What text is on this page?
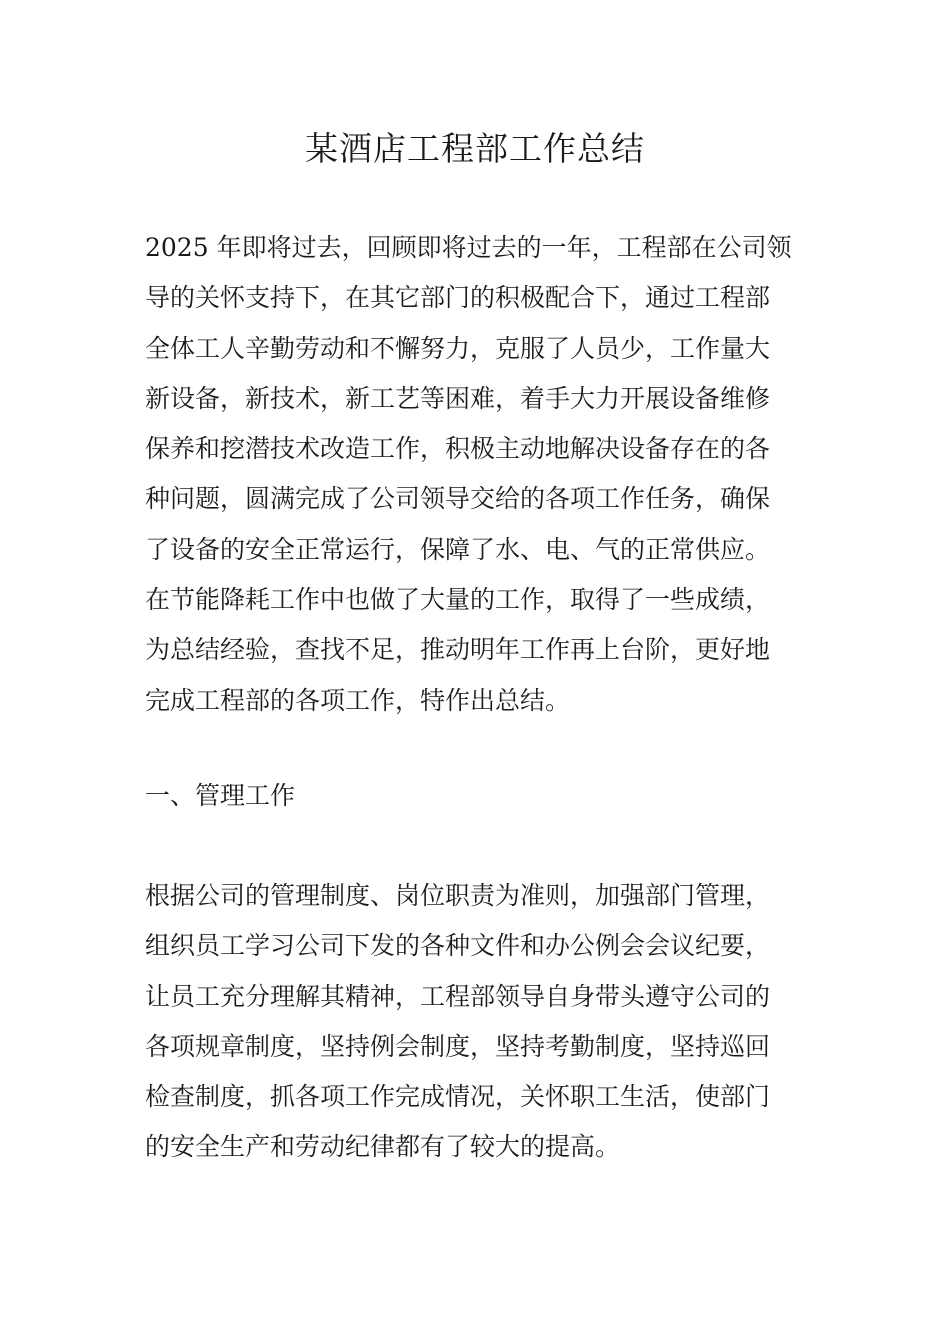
某酒店工程部工作总结
2025 年即将过去，回顾即将过去的一年，工程部在公司领
导的关怀支持下，在其它部门的积极配合下，通过工程部
全体工人辛勤劳动和不懈努力，克服了人员少，工作量大
新设备，新技术，新工艺等困难，着手大力开展设备维修
保养和挖潜技术改造工作，积极主动地解决设备存在的各
种问题，圆满完成了公司领导交给的各项工作任务，确保
了设备的安全正常运行，保障了水、电、气的正常供应。
在节能降耗工作中也做了大量的工作，取得了一些成绩，
为总结经验，查找不足，推动明年工作再上台阶，更好地
完成工程部的各项工作，特作出总结。
一、管理工作
根据公司的管理制度、岗位职责为准则，加强部门管理，
组织员工学习公司下发的各种文件和办公例会会议纪要，
让员工充分理解其精神，工程部领导自身带头遵守公司的
各项规章制度，坚持例会制度，坚持考勤制度，坚持巡回
检查制度，抓各项工作完成情况，关怀职工生活，使部门
的安全生产和劳动纪律都有了较大的提高。
